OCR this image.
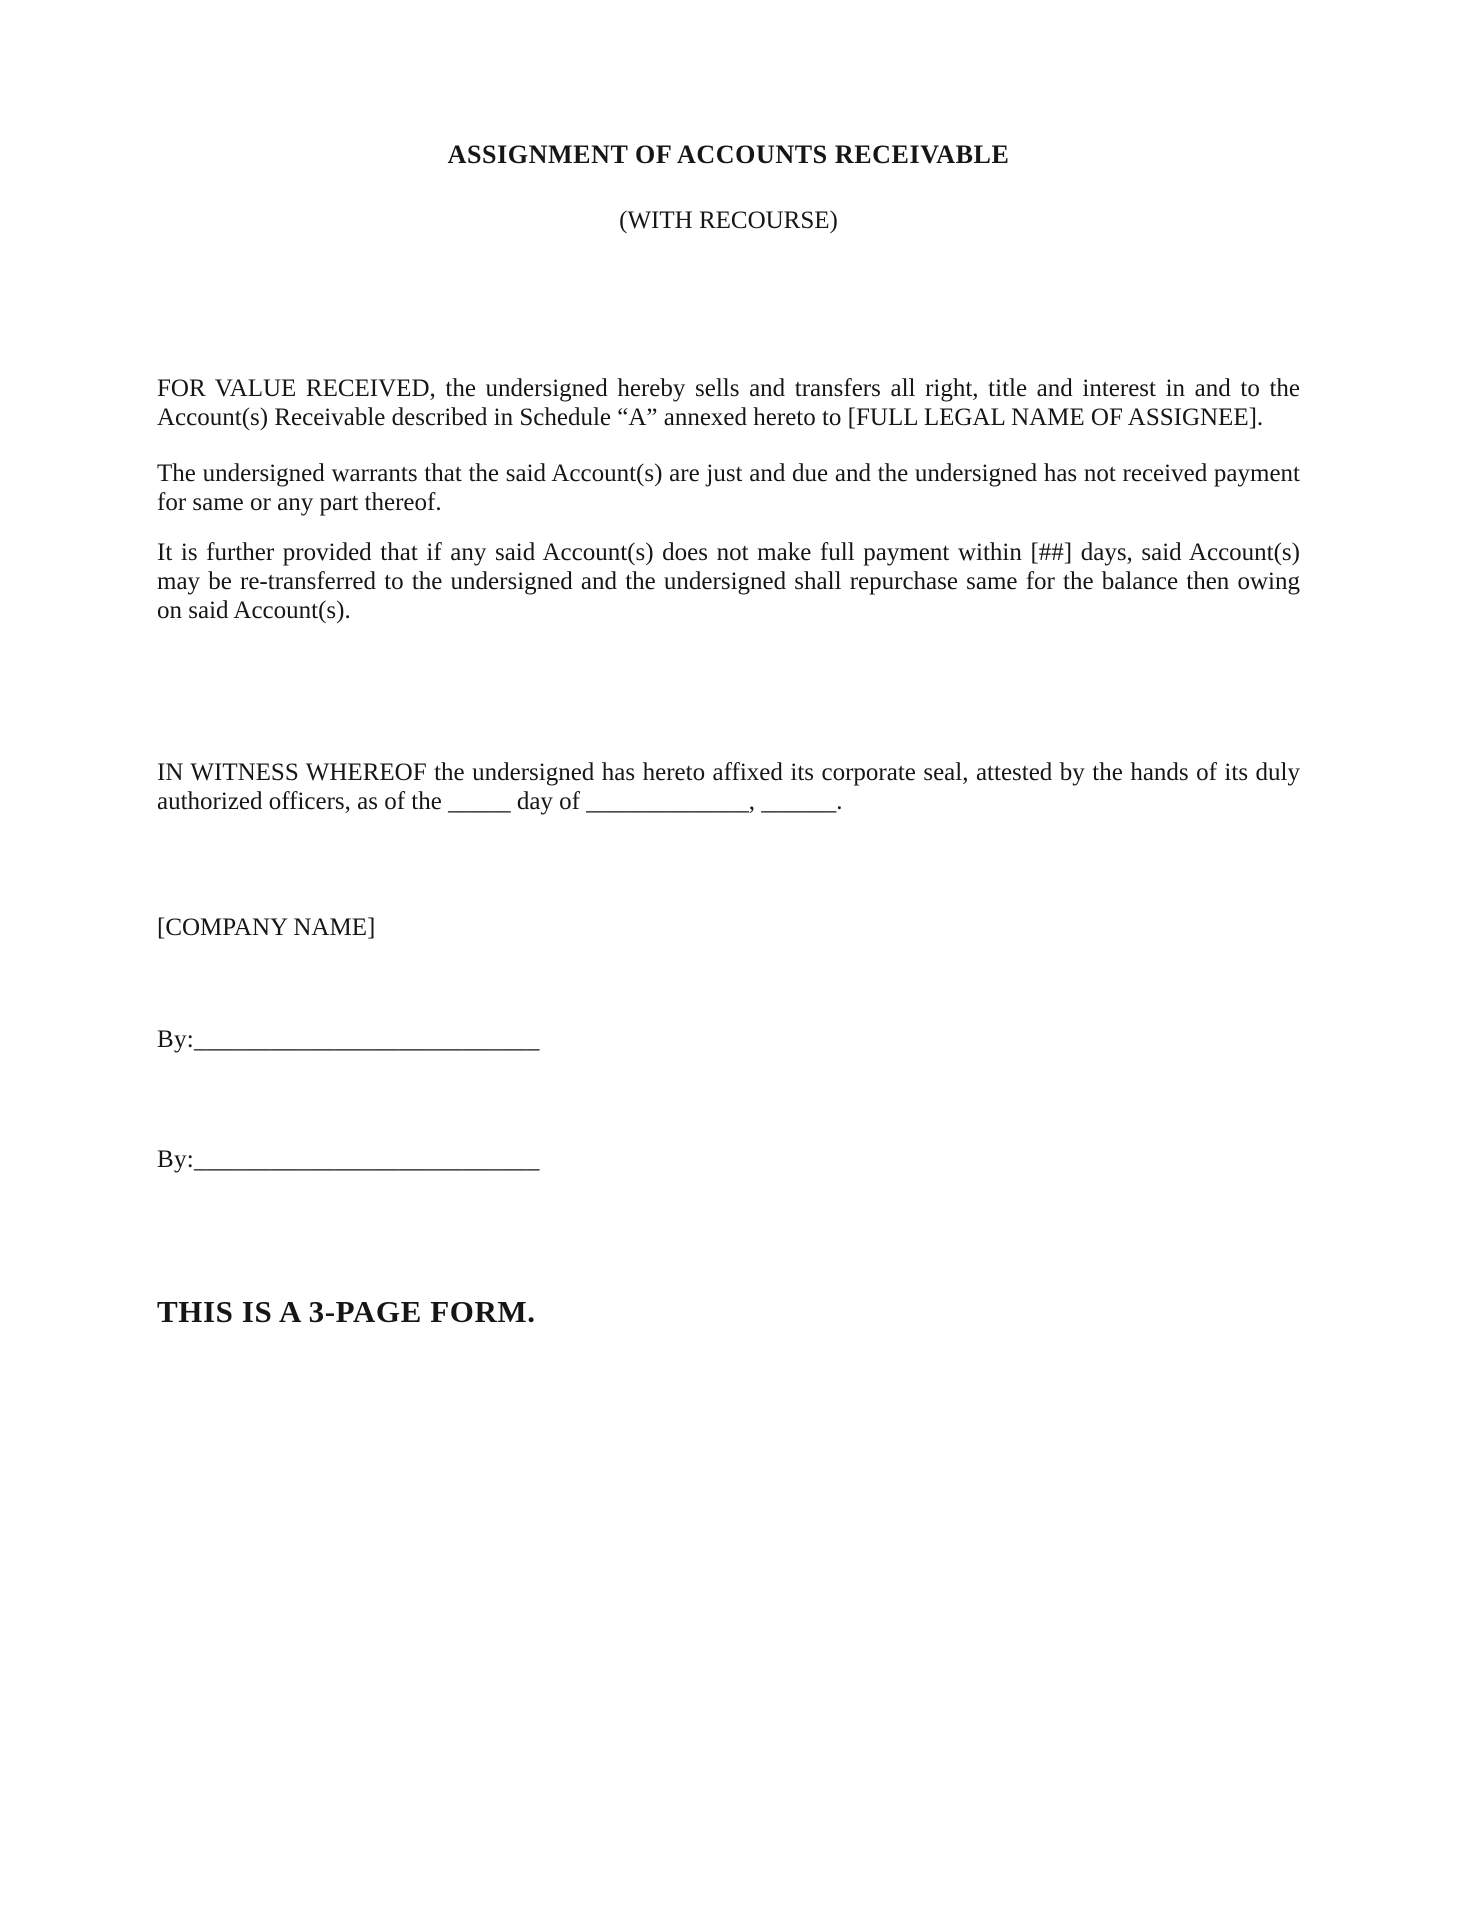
ASSIGNMENT OF ACCOUNTS RECEIVABLE
(WITH RECOURSE)

FOR VALUE RECEIVED, the undersigned hereby sells and transfers all right, title and interest in and to the Account(s) Receivable described in Schedule “A” annexed hereto to [FULL LEGAL NAME OF ASSIGNEE].

The undersigned warrants that the said Account(s) are just and due and the undersigned has not received payment for same or any part thereof.

It is further provided that if any said Account(s) does not make full payment within [##] days, said Account(s) may be re-transferred to the undersigned and the undersigned shall repurchase same for the balance then owing on said Account(s).

IN WITNESS WHEREOF the undersigned has hereto affixed its corporate seal, attested by the hands of its duly authorized officers, as of the _____ day of _____________, ______.

[COMPANY NAME]
By:___________________________
By:___________________________
THIS IS A 3-PAGE FORM.
